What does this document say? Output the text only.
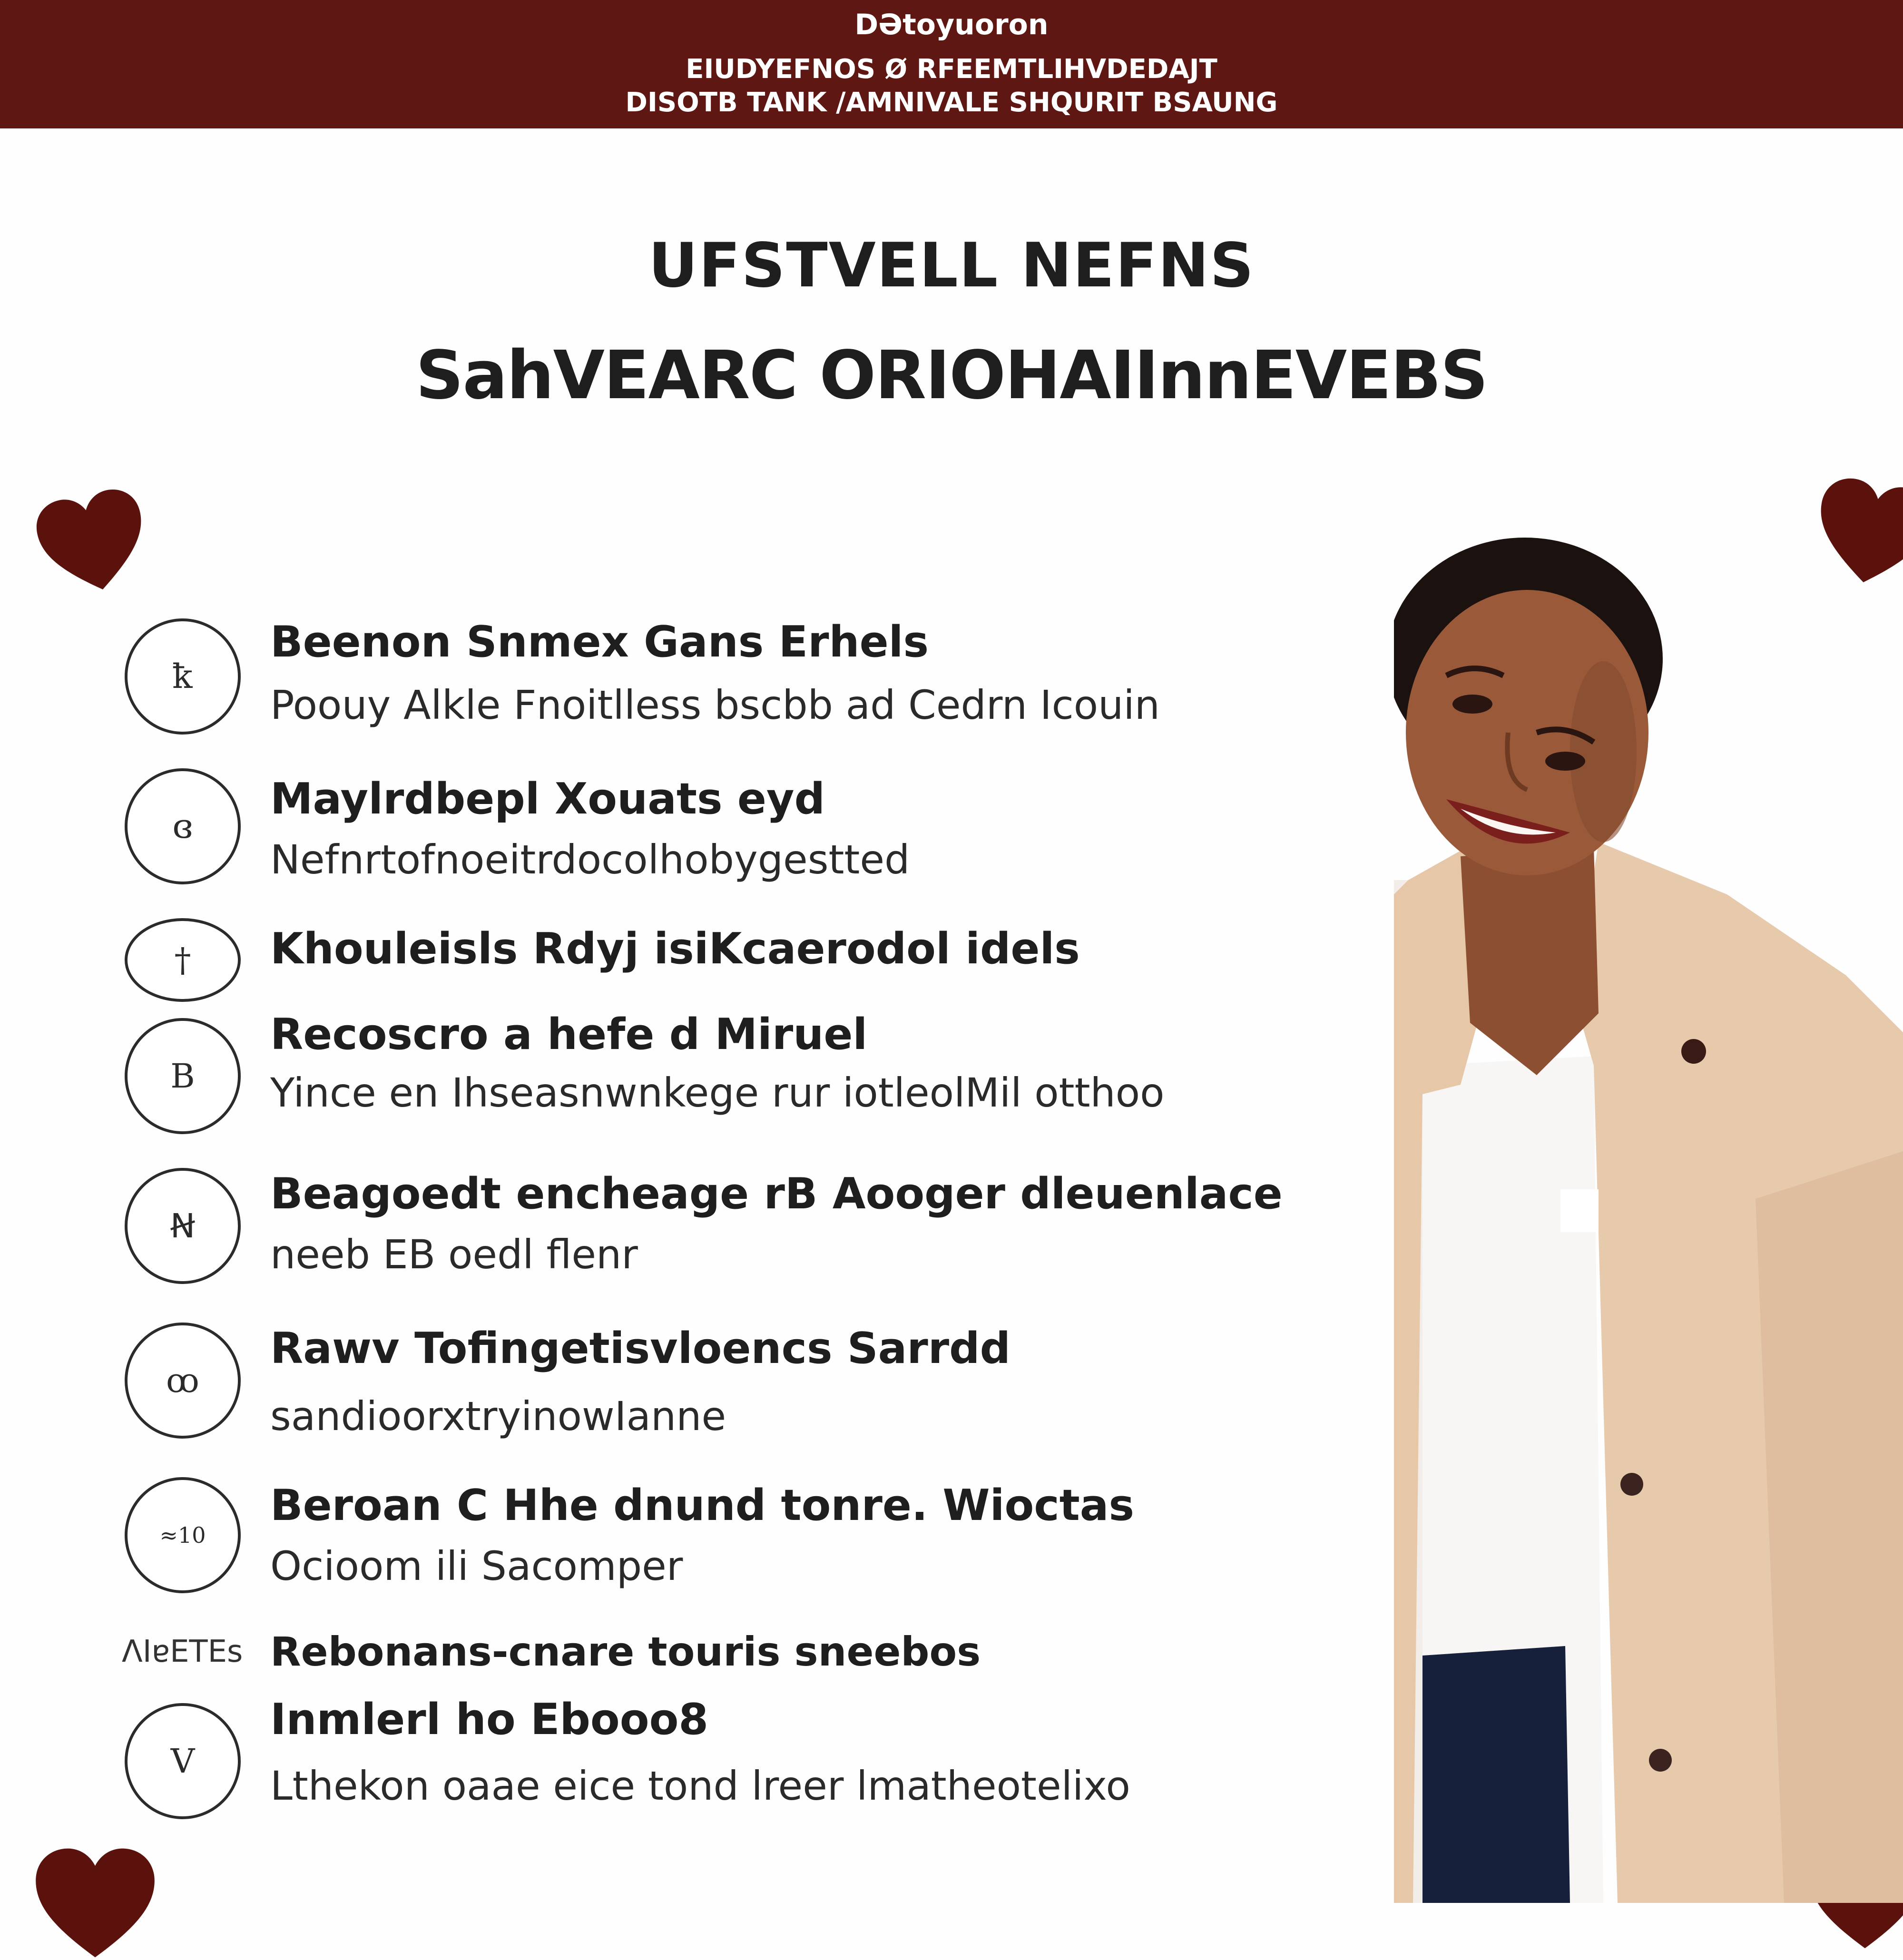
DƏtoyuoron
EIUDYEFNOS Ø RFEEMTLIHVDEDAJT
DISOTB TANK /AMNIVALE SHQURIT BSAUNG
UFSTVELL NEFNS
SahVEARC ORIOHAIInnEVEBS
ꝁ
Beenon Snmex Gans Erhels
Poouy Alkle Fnoitlless bscbb ad Cedrn Icouin
ɞ
Maylrdbepl Xouats eyd
Nefnrtofnoeitrdocolhobygestted
†	Khouleisls Rdyj isiKcaerodol idels
B
Recoscro a hefe d Miruel
Yince en Ihseasnwnkege rur iotleolMil otthoo
Ꞥ
Beagoedt encheage rB Aooger dleuenlace
neeb EB oedl flenr
ꝏ
Rawv Tofingetisvloencs Sarrdd
sandioorxtryinowIanne
≈10
Beroan C Hhe dnund tonre. Wioctas
Ocioom ili Sacomper
ΛIɐETEs Rebonans-cnare touris sneebos
V
Inmlerl ho Ebooo8
Lthekon oaae eice tond lreer lmatheotelixo
